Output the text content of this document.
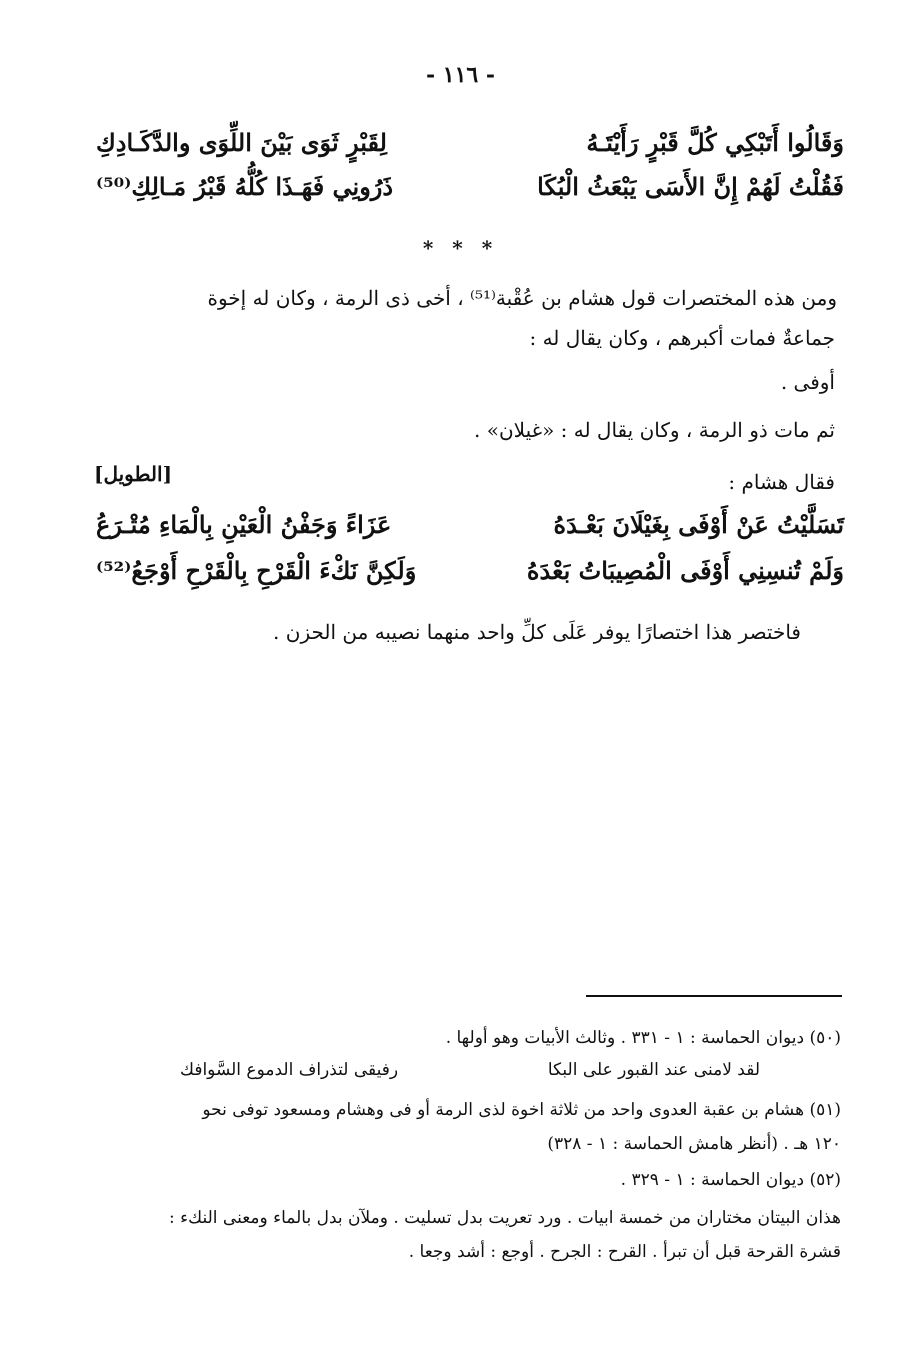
- ١١٦ -
وَقَالُوا أَتَبْكِي كُلَّ قَبْرٍ رَأَيْتَـهُ
لِقَبْرٍ ثَوَى بَيْنَ اللِّوَى والدَّكَـادِكِ
فَقُلْتُ لَهُمْ إِنَّ الأَسَى يَبْعَثُ الْبُكَا
ذَرُونِي فَهَـذَا كُلُّهُ قَبْرُ مَـالِكِ⁽⁵⁰⁾
* * *
ومن هذه المختصرات قول هشام بن عُقْبة⁽⁵¹⁾ ، أخى ذى الرمة ، وكان له إخوة
جماعةٌ فمات أكبرهم ، وكان يقال له :
أوفى .
ثم مات ذو الرمة ، وكان يقال له : «غيلان» .
فقال هشام :
[الطويل]
تَسَلَّيْتُ عَنْ أَوْفَى بِغَيْلَانَ بَعْـدَهُ
عَزَاءً وَجَفْنُ الْعَيْنِ بِالْمَاءِ مُتْـرَعُ
وَلَمْ تُنسِنِي أَوْفَى الْمُصِيبَاتُ بَعْدَهُ
وَلَكِنَّ نَكْءَ الْقَرْحِ بِالْقَرْحِ أَوْجَعُ⁽⁵²⁾
فاختصر هذا اختصارًا يوفر عَلَى كلِّ واحد منهما نصيبه من الحزن .
(٥٠) ديوان الحماسة : ١ - ٣٣١ . وثالث الأبيات وهو أولها .
لقد لامنى عند القبور على البكا
رفيقى لتذراف الدموع السَّوافك
(٥١) هشام بن عقبة العدوى واحد من ثلاثة اخوة لذى الرمة أو فى وهشام ومسعود توفى نحو
١٢٠ هـ . (أنظر هامش الحماسة : ١ - ٣٢٨)
(٥٢) ديوان الحماسة : ١ - ٣٢٩ .
هذان البيتان مختاران من خمسة ابيات . ورد تعريت بدل تسليت . وملآن بدل بالماء ومعنى النكء :
قشرة القرحة قبل أن تبرأ . القرح : الجرح . أوجع : أشد وجعا .
